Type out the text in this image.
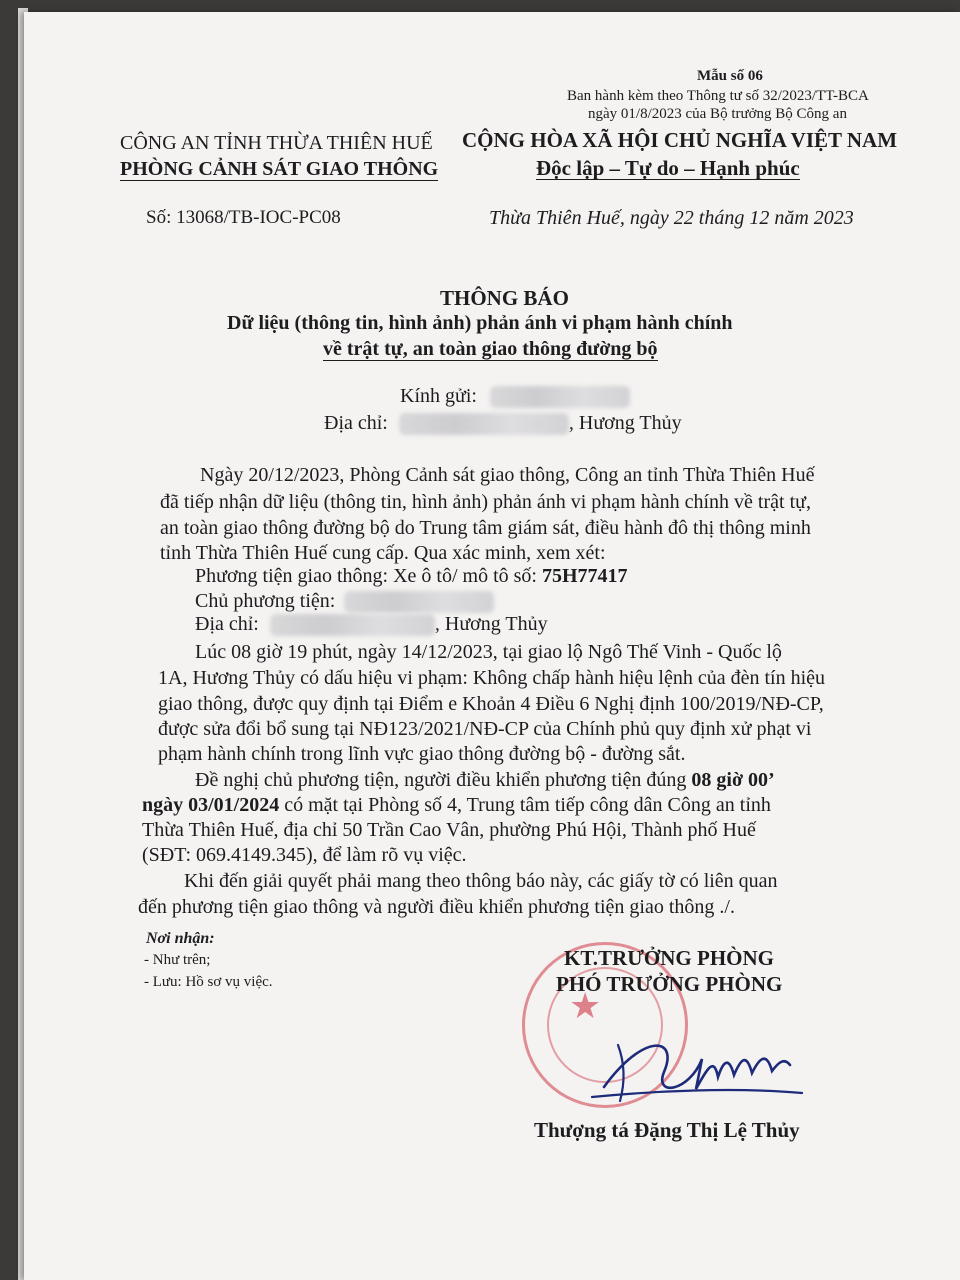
Mẫu số 06
Ban hành kèm theo Thông tư số 32/2023/TT-BCA
ngày 01/8/2023 của Bộ trưởng Bộ Công an
CÔNG AN TỈNH THỪA THIÊN HUẾ
PHÒNG CẢNH SÁT GIAO THÔNG
Số: 13068/TB-IOC-PC08
CỘNG HÒA XÃ HỘI CHỦ NGHĨA VIỆT NAM
Độc lập – Tự do – Hạnh phúc
Thừa Thiên Huế, ngày 22 tháng 12 năm 2023
THÔNG BÁO
Dữ liệu (thông tin, hình ảnh) phản ánh vi phạm hành chính
về trật tự, an toàn giao thông đường bộ
Kính gửi:
Địa chỉ:	, Hương Thủy
Ngày 20/12/2023, Phòng Cảnh sát giao thông, Công an tỉnh Thừa Thiên Huế
đã tiếp nhận dữ liệu (thông tin, hình ảnh) phản ánh vi phạm hành chính về trật tự,
an toàn giao thông đường bộ do Trung tâm giám sát, điều hành đô thị thông minh
tỉnh Thừa Thiên Huế cung cấp. Qua xác minh, xem xét:
Phương tiện giao thông: Xe ô tô/ mô tô số: 75H77417
Chủ phương tiện:
Địa chỉ:	, Hương Thủy
Lúc 08 giờ 19 phút, ngày 14/12/2023, tại giao lộ Ngô Thế Vinh - Quốc lộ
1A, Hương Thủy có dấu hiệu vi phạm: Không chấp hành hiệu lệnh của đèn tín hiệu
giao thông, được quy định tại Điểm e Khoản 4 Điều 6 Nghị định 100/2019/NĐ-CP,
được sửa đổi bổ sung tại NĐ123/2021/NĐ-CP của Chính phủ quy định xử phạt vi
phạm hành chính trong lĩnh vực giao thông đường bộ - đường sắt.
Đề nghị chủ phương tiện, người điều khiển phương tiện đúng 08 giờ 00’
ngày 03/01/2024 có mặt tại Phòng số 4, Trung tâm tiếp công dân Công an tỉnh
Thừa Thiên Huế, địa chỉ 50 Trần Cao Vân, phường Phú Hội, Thành phố Huế
(SĐT: 069.4149.345), để làm rõ vụ việc.
Khi đến giải quyết phải mang theo thông báo này, các giấy tờ có liên quan
đến phương tiện giao thông và người điều khiển phương tiện giao thông ./.
Nơi nhận:
- Như trên;
- Lưu: Hồ sơ vụ việc.
★
KT.TRƯỞNG PHÒNG
PHÓ TRƯỞNG PHÒNG
Thượng tá Đặng Thị Lệ Thủy
